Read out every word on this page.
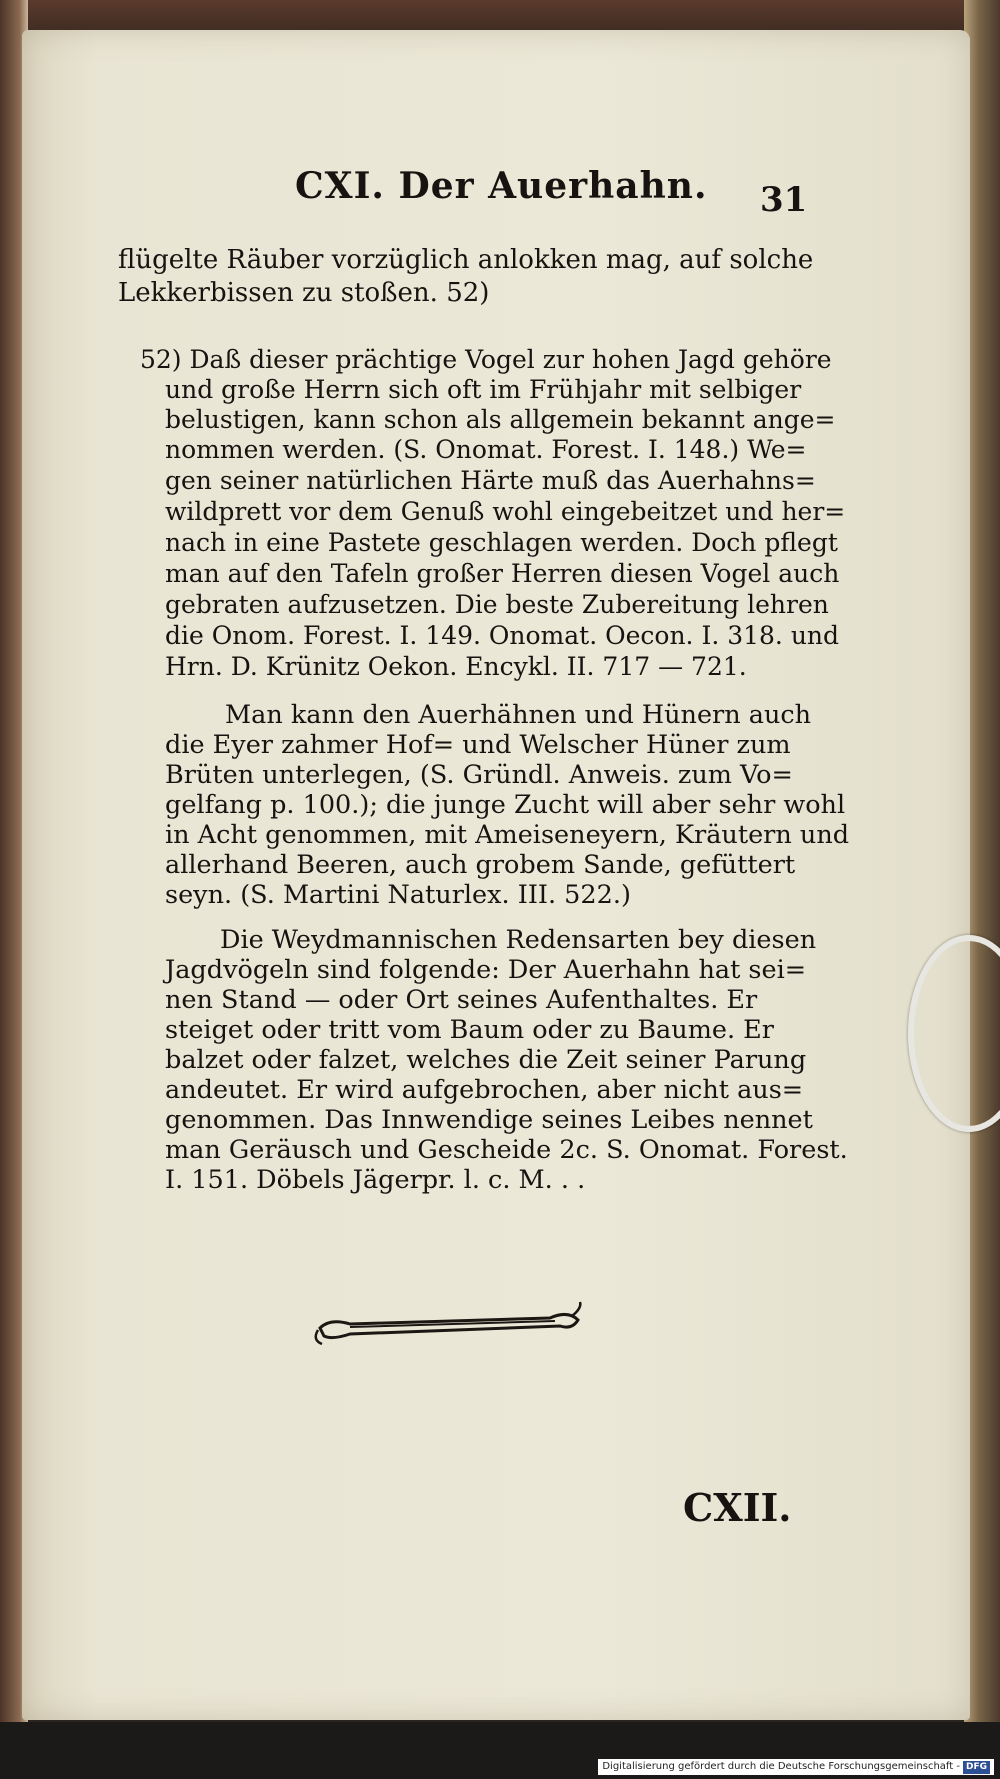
CXI. Der Auerhahn. 31
flügelte Räuber vorzüglich anlokken mag, auf solche
Lekkerbissen zu stoßen. 52)
52) Daß dieser prächtige Vogel zur hohen Jagd gehöre
und große Herrn sich oft im Frühjahr mit selbiger
belustigen, kann schon als allgemein bekannt ange=
nommen werden. (S. Onomat. Forest. I. 148.) We=
gen seiner natürlichen Härte muß das Auerhahns=
wildprett vor dem Genuß wohl eingebeitzet und her=
nach in eine Pastete geschlagen werden. Doch pflegt
man auf den Tafeln großer Herren diesen Vogel auch
gebraten aufzusetzen. Die beste Zubereitung lehren
die Onom. Forest. I. 149. Onomat. Oecon. I. 318. und
Hrn. D. Krünitz Oekon. Encykl. II. 717 — 721.
Man kann den Auerhähnen und Hünern auch
die Eyer zahmer Hof= und Welscher Hüner zum
Brüten unterlegen, (S. Gründl. Anweis. zum Vo=
gelfang p. 100.); die junge Zucht will aber sehr wohl
in Acht genommen, mit Ameiseneyern, Kräutern und
allerhand Beeren, auch grobem Sande, gefüttert
seyn. (S. Martini Naturlex. III. 522.)
Die Weydmannischen Redensarten bey diesen
Jagdvögeln sind folgende: Der Auerhahn hat sei=
nen Stand — oder Ort seines Aufenthaltes. Er
steiget oder tritt vom Baum oder zu Baume. Er
balzet oder falzet, welches die Zeit seiner Parung
andeutet. Er wird aufgebrochen, aber nicht aus=
genommen. Das Innwendige seines Leibes nennet
man Geräusch und Gescheide 2c. S. Onomat. Forest.
I. 151. Döbels Jägerpr. l. c. M. . .
CXII.
Digitalisierung gefördert durch die Deutsche Forschungsgemeinschaft - DFG
